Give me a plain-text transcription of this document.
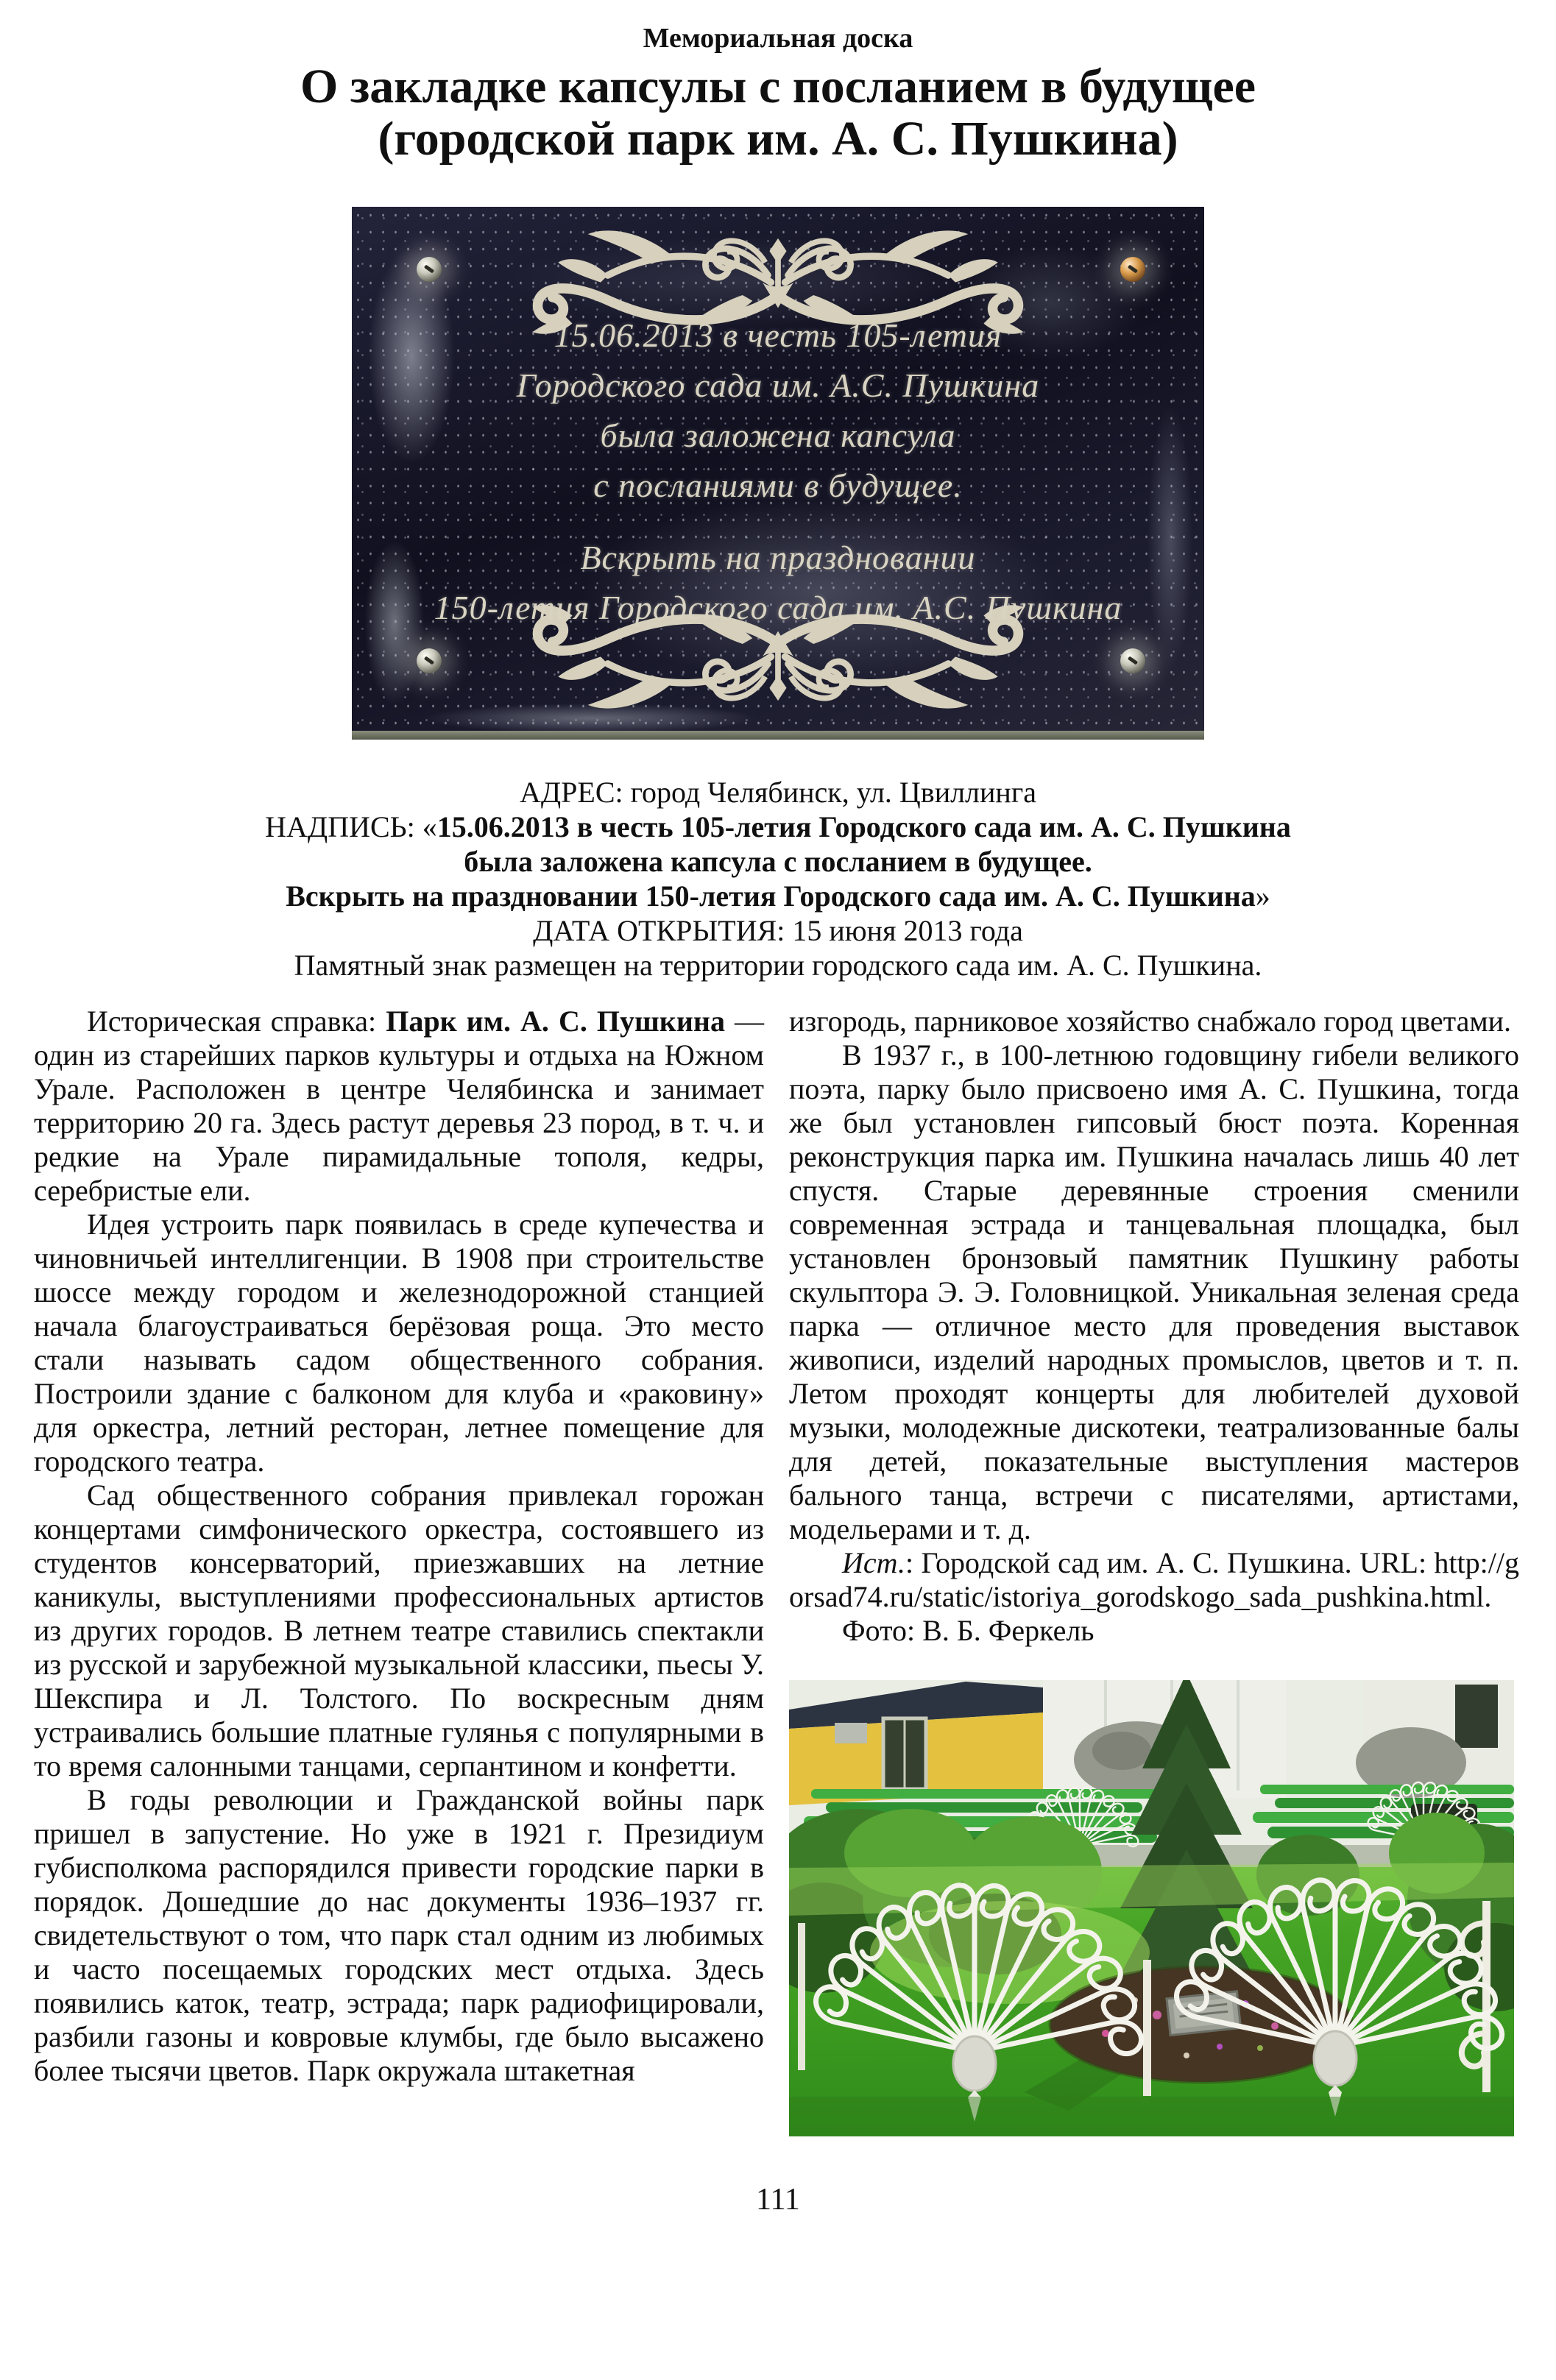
Мемориальная доска
О закладке капсулы с посланием в будущее
(городской парк им. А. С. Пушкина)
15.06.2013 в честь 105-летия
Городского сада им. А.С. Пушкина
была заложена капсула
с посланиями в будущее.
Вскрыть на праздновании
150-летия Городского сада им. А.С. Пушкина
АДРЕС: город Челябинск, ул. Цвиллинга
НАДПИСЬ: «15.06.2013 в честь 105-летия Городского сада им. А. С. Пушкина
была заложена капсула с посланием в будущее.
Вскрыть на праздновании 150-летия Городского сада им. А. С. Пушкина»
ДАТА ОТКРЫТИЯ: 15 июня 2013 года
Памятный знак размещен на территории городского сада им. А. С. Пушкина.

Историческая справка: Парк им. А. С. Пушкина — один из старейших парков культуры и отдыха на Южном Урале. Расположен в центре Челябинска и занимает территорию 20 га. Здесь растут деревья 23 пород, в т. ч. и редкие на Урале пирамидальные тополя, кедры, серебристые ели.

Идея устроить парк появилась в среде купечества и чиновничьей интеллигенции. В 1908 при строительстве шоссе между городом и железнодорожной станцией начала благоустраиваться берёзовая роща. Это место стали называть садом общественного собрания. Построили здание с балконом для клуба и «раковину» для оркестра, летний ресторан, летнее помещение для городского театра.

Сад общественного собрания привлекал горожан концертами симфонического оркестра, состоявшего из студентов консерваторий, приезжавших на летние каникулы, выступлениями профессиональных артистов из других городов. В летнем театре ставились спектакли из русской и зарубежной музыкальной классики, пьесы У. Шекспира и Л. Толстого. По воскресным дням устраивались большие платные гулянья с популярными в то время салонными танцами, серпантином и конфетти.

В годы революции и Гражданской войны парк пришел в запустение. Но уже в 1921 г. Президиум губисполкома распорядился привести городские парки в порядок. Дошедшие до нас документы 1936–1937 гг. свидетельствуют о том, что парк стал одним из любимых и часто посещаемых городских мест отдыха. Здесь появились каток, театр, эстрада; парк радиофицировали, разбили газоны и ковровые клумбы, где было высажено более тысячи цветов. Парк окружала штакетная

изгородь, парниковое хозяйство снабжало город цветами.

В 1937 г., в 100-летнюю годовщину гибели великого поэта, парку было присвоено имя А. С. Пушкина, тогда же был установлен гипсовый бюст поэта. Коренная реконструкция парка им. Пушкина началась лишь 40 лет спустя. Старые деревянные строения сменили современная эстрада и танцевальная площадка, был установлен бронзовый памятник Пушкину работы скульптора Э. Э. Головницкой. Уникальная зеленая среда парка — отличное место для проведения выставок живописи, изделий народных промыслов, цветов и т. п. Летом проходят концерты для любителей духовой музыки, молодежные дискотеки, театрализованные балы для детей, показательные выступления мастеров бального танца, встречи с писателями, артистами, модельерами и т. д.

Ист.: Городской сад им. А. С. Пушкина. URL: http://gorsad74.ru/static/istoriya_gorodskogo_sada_pushkina.html.

Фото: В. Б. Феркель

111
